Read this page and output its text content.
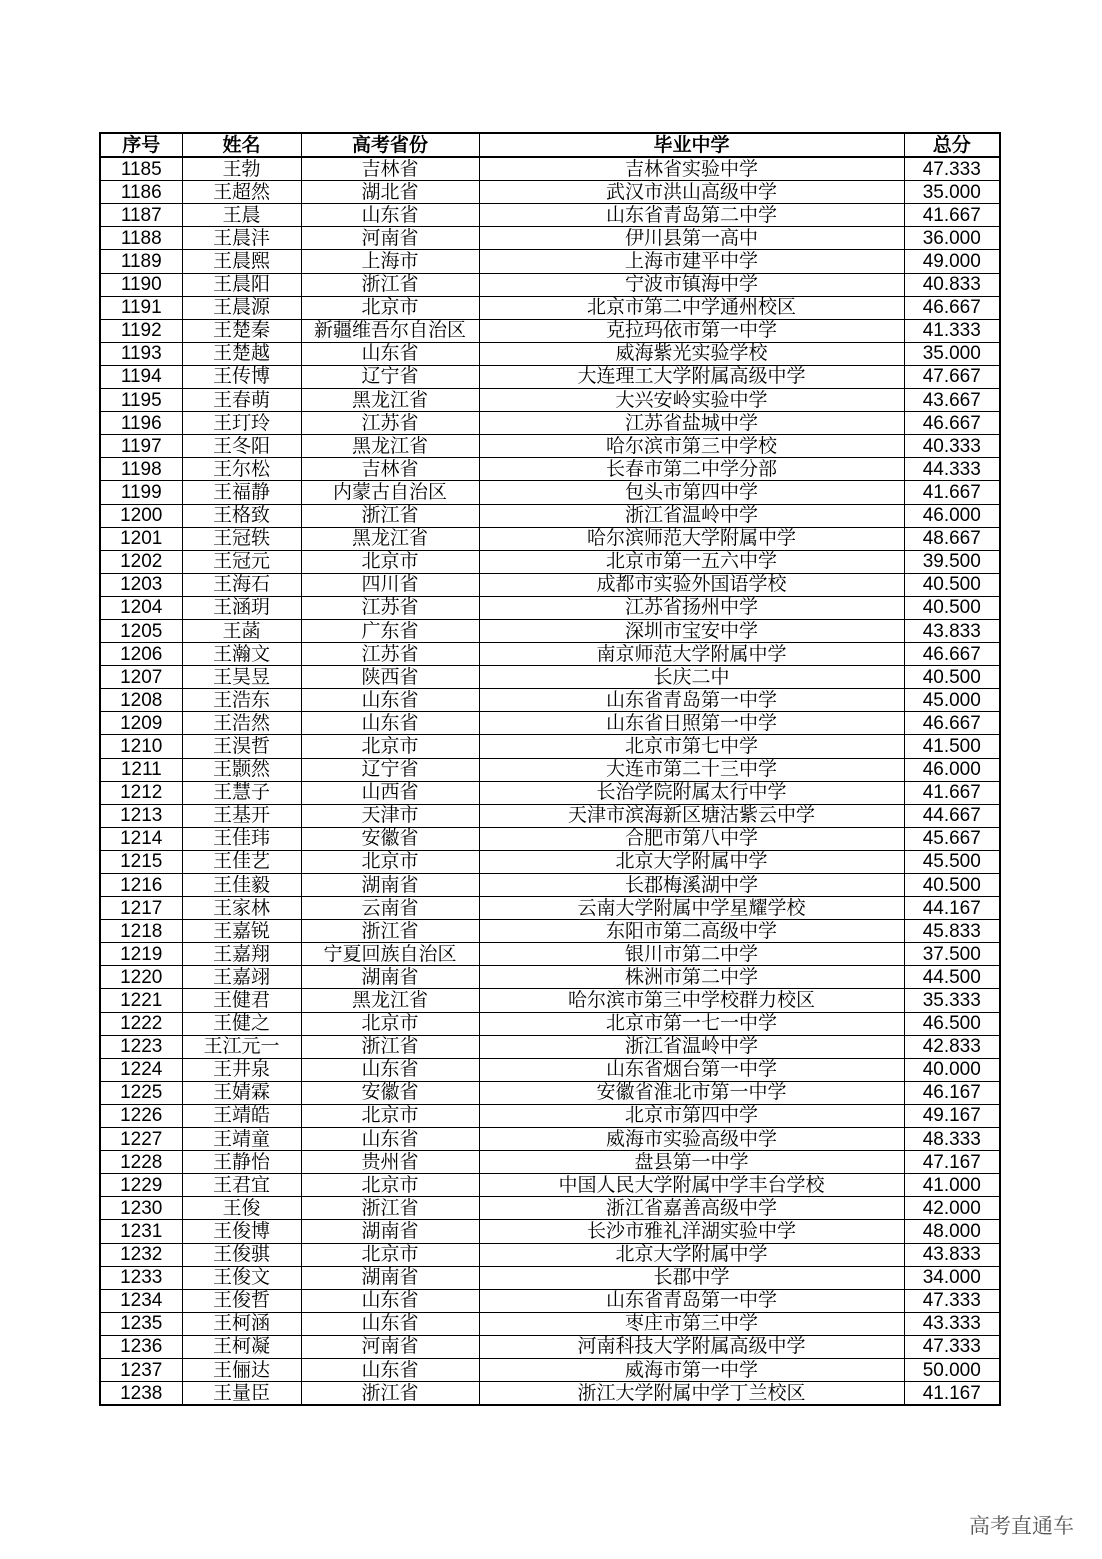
序号	姓名	高考省份	毕业中学	总分
1185	王勃	吉林省	吉林省实验中学	47.333
1186	王超然	湖北省	武汉市洪山高级中学	35.000
1187	王晨	山东省	山东省青岛第二中学	41.667
1188	王晨沣	河南省	伊川县第一高中	36.000
1189	王晨熙	上海市	上海市建平中学	49.000
1190	王晨阳	浙江省	宁波市镇海中学	40.833
1191	王晨源	北京市	北京市第二中学通州校区	46.667
1192	王楚秦	新疆维吾尔自治区	克拉玛依市第一中学	41.333
1193	王楚越	山东省	威海紫光实验学校	35.000
1194	王传博	辽宁省	大连理工大学附属高级中学	47.667
1195	王春萌	黑龙江省	大兴安岭实验中学	43.667
1196	王玎玲	江苏省	江苏省盐城中学	46.667
1197	王冬阳	黑龙江省	哈尔滨市第三中学校	40.333
1198	王尔松	吉林省	长春市第二中学分部	44.333
1199	王福静	内蒙古自治区	包头市第四中学	41.667
1200	王格致	浙江省	浙江省温岭中学	46.000
1201	王冠轶	黑龙江省	哈尔滨师范大学附属中学	48.667
1202	王冠元	北京市	北京市第一五六中学	39.500
1203	王海石	四川省	成都市实验外国语学校	40.500
1204	王涵玥	江苏省	江苏省扬州中学	40.500
1205	王菡	广东省	深圳市宝安中学	43.833
1206	王瀚文	江苏省	南京师范大学附属中学	46.667
1207	王昊昱	陕西省	长庆二中	40.500
1208	王浩东	山东省	山东省青岛第一中学	45.000
1209	王浩然	山东省	山东省日照第一中学	46.667
1210	王淏哲	北京市	北京市第七中学	41.500
1211	王颢然	辽宁省	大连市第二十三中学	46.000
1212	王慧子	山西省	长治学院附属太行中学	41.667
1213	王基开	天津市	天津市滨海新区塘沽紫云中学	44.667
1214	王佳玮	安徽省	合肥市第八中学	45.667
1215	王佳艺	北京市	北京大学附属中学	45.500
1216	王佳毅	湖南省	长郡梅溪湖中学	40.500
1217	王家林	云南省	云南大学附属中学星耀学校	44.167
1218	王嘉锐	浙江省	东阳市第二高级中学	45.833
1219	王嘉翔	宁夏回族自治区	银川市第二中学	37.500
1220	王嘉翊	湖南省	株洲市第二中学	44.500
1221	王健君	黑龙江省	哈尔滨市第三中学校群力校区	35.333
1222	王健之	北京市	北京市第一七一中学	46.500
1223	王江元一	浙江省	浙江省温岭中学	42.833
1224	王井泉	山东省	山东省烟台第一中学	40.000
1225	王婧霖	安徽省	安徽省淮北市第一中学	46.167
1226	王靖皓	北京市	北京市第四中学	49.167
1227	王靖童	山东省	威海市实验高级中学	48.333
1228	王静怡	贵州省	盘县第一中学	47.167
1229	王君宜	北京市	中国人民大学附属中学丰台学校	41.000
1230	王俊	浙江省	浙江省嘉善高级中学	42.000
1231	王俊博	湖南省	长沙市雅礼洋湖实验中学	48.000
1232	王俊骐	北京市	北京大学附属中学	43.833
1233	王俊文	湖南省	长郡中学	34.000
1234	王俊哲	山东省	山东省青岛第一中学	47.333
1235	王柯涵	山东省	枣庄市第三中学	43.333
1236	王柯凝	河南省	河南科技大学附属高级中学	47.333
1237	王俪达	山东省	威海市第一中学	50.000
1238	王量臣	浙江省	浙江大学附属中学丁兰校区	41.167
高考直通车
